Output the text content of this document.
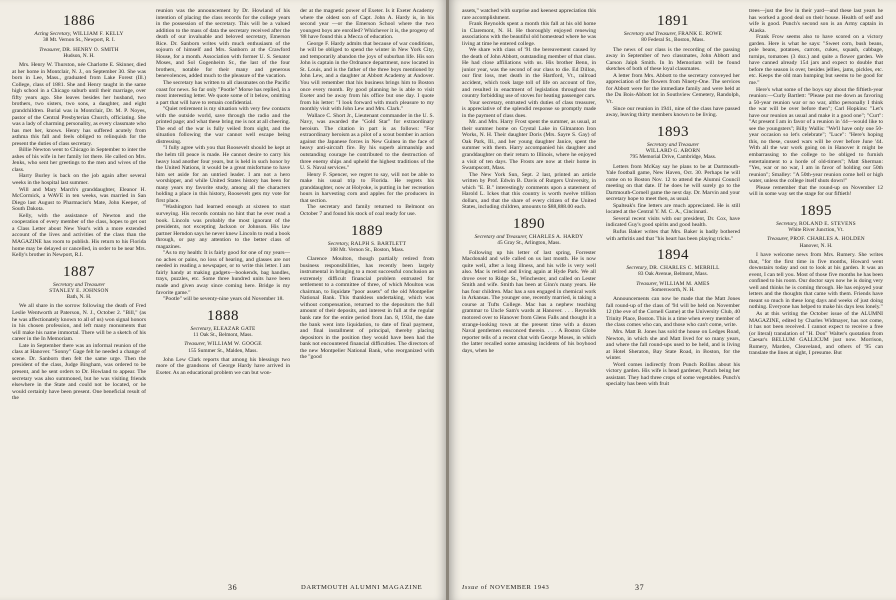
1886
Acting Secretary, WILLIAM F. KELLY
38 Mt. Vernon St., Newport, R. I.
Treasurer, DR. HENRY O. SMITH
Hudson, N. H.

Mrs. Henry W. Thurston, née Charlotte E. Skinner, died at her home in Montclair, N. J., on September 30. She was born in Lee, Mass., graduated from Lake Forest (Ill.) College, class of 1881. She and Henry taught in the same high school in a Chicago suburb until their marriage, over fifty years ago. She leaves besides her husband, two brothers, two sisters, two sons, a daughter, and eight grandchildren. Burial was in Montclair, Dr. M. P. Noyes, pastor of the Central Presbyterian Church, officiating. She was a lady of charming personality, as every classmate who has met her, knows. Henry has suffered acutely from asthma this fall and feels obliged to relinquish for the present the duties of class secretary.

Billie Newton went to Chicago in September to inter the ashes of his wife in her family lot there. He called on Mrs. Jenks, who sent her greetings to the men and wives of the class.

Harry Burley is back on the job again after several weeks in the hospital last summer.

Will and Mary March's granddaughter, Eleanor H. McCormick, a WAVE in ten weeks, was married in San Diego last August to Pharmacist's Mate, John Keeper, of South Dakota.

Kelly, with the assistance of Newton and the cooperation of every member of the class, hopes to get out a Class Letter about New Year's with a more extended account of the lives and activities of the class than the MAGAZINE has room to publish. His return to his Florida home may be delayed or cancelled, in order to be near Mrs. Kelly's brother in Newport, R.I.

1887
Secretary and Treasurer
STANLEY E. JOHNSON
Bath, N. H.

We all share in the sorrow following the death of Fred Leslie Wentworth at Paterson, N. J., October 2. "Bill," (as he was affectionately known to all of us) won signal honors in his chosen profession, and left many monuments that will make his name immortal. There will be a sketch of his career in the In Memoriam.

Late in September there was an informal reunion of the class at Hanover. "Sonny" Gage felt he needed a change of scene. Dr. Sanborn then felt the same urge. Then the president of the class, Judge Bingham, was ordered to be present, and he sent orders to Dr. Howland to appear. The secretary was also summoned, but he was visiting friends elsewhere in the State and could not be located, or he would certainly have been present. One beneficial result of the

reunion was the announcement by Dr. Howland of his intention of placing the class records for the college years in the possession of the secretary. This will be a valued addition to the mass of data the secretary received after the death of our invaluable and beloved secretary, Emerson Rice. Dr. Sanborn writes with much enthusiasm of the sojourn of himself and Mrs. Sanborn at the Crawford House, for a month. Association with former U. S. Senator Moses, and Sol Gogenheim Sr., the last of the four brothers, notable for their many and generous benevolences, added much to the pleasure of the vacation.

The secretary has written to all classmates on the Pacific coast for news. So far only "Pootle" Morse has replied, in a most interesting letter. We quote some of it below, omitting a part that will have to remain confidential.

"Quiet retirement is my situation with very few contacts with the outside world, save through the radio and the printed page; and what these bring me is not at all cheering. The end of the war is fully veiled from sight, and the situation following the war cannot well escape being distressing.

"I fully agree with you that Roosevelt should be kept at the helm till peace is made. He cannot desire to carry his heavy load another four years, but is held in such honor by the United Nations, it would be a great misfortune to have him set aside for an untried leader. I am not a hero worshipper, and while United States history has been for many years my favorite study, among all the characters holding a place in this history, Roosevelt gets my vote for first place.

"Washington had learned enough at sixteen to start surveying. His records contain no hint that he ever read a book. Lincoln was probably the most ignorant of the presidents, not excepting Jackson or Johnson. His law partner Herndon says he never knew Lincoln to read a book through, or pay any attention to the better class of magazines.

"As to my health: It is fairly good for one of my years—no aches or pains, no loss of hearing, and glasses are not needed in reading a newspaper, or to write this letter. I am fairly handy at making gadgets—bookends, bag handles, trays, puzzles, etc. Some three hundred units have been made and given away since coming here. Bridge is my favorite game."

"Pootle" will be seventy-nine years old November 18.

1888
Secretary, ELEAZAR GATE
11 Oak St., Belmont, Mass.
Treasurer, WILLIAM W. GOOGE
155 Summer St., Malden, Mass.

John Lew Clark reports that among his blessings two more of the grandsons of George Hardy have arrived in Exeter. As an educational problem we can but won-

der at the magnetic power of Exeter. Is it Exeter Academy where the oldest son of Capt. John A. Hardy is, in his second year —or the Emerson School where the two youngest boys are enrolled? Whichever it is, the progeny of '88 have found this a Mecca of education.

George F. Hardy admits that because of war conditions, he will be obliged to spend the winter in New York City, and temporarily abandon the joys of suburban life. His son John is captain in the Ordnance department, now located in St. Louis, and is the father of the three boys mentioned by John Lew, and a daughter at Abbott Academy at Andover. You will remember that his business brings him to Boston once every month. By good planning he is able to visit Exeter and be away from his office but one day. I quote from his letter: "I look forward with much pleasure to my monthly visit with John Lew and Mrs. Clark."

Wallace C. Short Jr., Lieutenant commander in the U. S. Navy, was awarded the "Gold Star" for extraordinary heroism. The citation in part is as follows: "For extraordinary heroism as a pilot of a scout bomber in action against the Japanese forces in New Guinea in the face of heavy anti-aircraft fire. By his superb airmanship and outstanding courage he contributed to the destruction of three enemy ships and upheld the highest traditions of the U. S. Naval services."

Henry F. Spencer, we regret to say, will not be able to make his usual trip to Florida. He regrets his granddaughter, now at Holyoke, is putting in her recreation hours in harvesting corn and apples for the producers in that section.

The secretary and family returned to Belmont on October 7 and found his stock of coal ready for use.

1889
Secretary, RALPH S. BARTLETT
108 Mt. Vernon St., Boston, Mass.

Clarence Moulton, though partially retired from business responsibilities, has recently been largely instrumental in bringing to a most successful conclusion an extremely difficult financial problem entrusted for settlement to a committee of three, of which Moulton was chairman, to liquidate "poor assets" of the old Montpelier National Bank. This thankless undertaking, which was without compensation, returned to the depositors the full amount of their deposits, and interest in full at the regular bank rate for the entire period from Jan. 8, 1934, the date the bank went into liquidation, to date of final payment, and final installment of principal, thereby placing depositors in the position they would have been had the bank not encountered financial difficulties. The directors of the new Montpelier National Bank, who reorganized with the "good

36	DARTMOUTH ALUMNI MAGAZINE

assets," watched with surprise and keenest appreciation this rare accomplishment.

Frank Reynolds spent a month this fall at his old home in Claremont, N. H. He thoroughly enjoyed renewing associations with the beautiful old homestead where he was living at time he entered college.

We share with class of '91 the bereavement caused by the death of John Abbott, outstanding member of that class. He had close affiliations with us. His brother Benn, in junior year, was the second of our class to die. Ed Dillon, our first loss, met death in the Hartford, Vt., railroad accident, which took large toll of life on account of fire, and resulted in enactment of legislation throughout the country forbidding use of stoves for heating passenger cars.

Your secretary, entrusted with duties of class treasurer, is appreciative of the splendid response so promptly made in the payment of class dues.

Mr. and Mrs. Harry Frost spent the summer, as usual, at their summer home on Crystal Lake in Gilmanton Iron Works, N. H. Their daughter Doris (Mrs. Sayre S. Gay) of Oak Park, Ill., and her young daughter Janice, spent the summer with them. Harry accompanied his daughter and granddaughter on their return to Illinois, where he enjoyed a visit of ten days. The Frosts are now at their home in Swampscott, Mass.

The New York Sun, Sept. 2 last, printed an article written by Prof. Edwin B. Davis of Rutgers University, in which "E. B." interestingly comments upon a statement of Harold L. Ickes that this country is worth twelve trillion dollars, and that the share of every citizen of the United States, including children, amounts to $88,888.00 each.

1890
Secretary and Treasurer, CHARLES A. HARDY
45 Gray St., Arlington, Mass.

Following up his letter of last spring, Forrester Macdonald and wife called on us last month. He is now quite well, after a long illness, and his wife is very well also. Mac is retired and living again at Hyde Park. We all drove over to Ridge St., Winchester, and called on Lester Smith and wife. Smith has been at Ginn's many years. He has four children. Mac has a son engaged in chemical work in Arkansas. The younger one, recently married, is taking a course at Tufts College. Mac has a nephew teaching grammar to Uncle Sam's wards at Hanover. . . . Reynolds motored over to Hanover from Glens Falls and thought it a strange-looking town at the present time with a dozen Naval gentlemen ensconced therein. . . . A Boston Globe reporter tells of a recent chat with George Moses, in which the latter recalled some amusing incidents of his boyhood days, when he

1891
Secretary and Treasurer, FRANK E. ROWE
80 Federal St., Boston, Mass.

The news of our class is the recording of the passing away in September of two classmates, John Abbott and Carson Jaiph Smith. In In Memoriam will be found sketches of both of these loyal classmates.

A letter from Mrs. Abbott to the secretary conveyed her appreciation of the flowers from Ninety-One. The services for Abbott were for the immediate family and were held at the Du Bois-Abbott lot in Southview Cemetery, Randolph, Vt.

Since our reunion in 1941, nine of the class have passed away, leaving thirty members known to be living.

1893
Secretary and Treasurer
WILLARD G. ABORN
795 Memorial Drive, Cambridge, Mass.

Letters from McKay say he plans to be at Dartmouth-Yale football game, New Haven, Oct. 30. Perhaps he will come on to Boston Nov. 12 to attend the Alumni Council meeting on that date. If he does he will surely go to the Dartmouth-Cornell game the next day. Dr. Marvin and your secretary hope to meet then, as usual.

Spalteak's fine letters are much appreciated. He is still located at the Central Y. M. C. A., Cincinnati.

Several recent visits with our president, Dr. Cox, have indicated Guy's good spirits and good health.

Rufus Baker writes that Mrs. Baker is badly bothered with arthritis and that "his heart has been playing tricks."

1894
Secretary, DR. CHARLES C. MERRILL
83 Oak Avenue, Belmont, Mass.
Treasurer, WILLIAM M. AMES
Somersworth, N. H.

Announcements can now be made that the Matt Jones fall round-up of the class of '94 will be held on November 12 (the eve of the Cornell Game) at the University Club, 40 Trinity Place, Boston. This is a time when every member of the class comes who can, and those who can't come, write.

Mrs. Matt B. Jones has sold the house on Ledges Road, Newton, in which she and Matt lived for so many years, and where the fall round-ups used to be held, and is living at Hotel Sheraton, Bay State Road, in Boston, for the winter.

Word comes indirectly from Punch Rollins about his victory garden. His wife is head gardener, Punch being her assistant. They had three crops of some vegetables. Punch's specialty has been with fruit

trees—just the few in their yard—and these last years he has worked a good deal on their house. Health of self and wife is good. Punch's second son is an Army captain in Alaska.

Frank Frow seems also to have scored on a victory garden. Here is what he says: "Sweet corn, bush beans, pole beans, potatoes, carrots, cukes, squash, cabbage, turnips, tomatoes (3 doz.) and quite a flower garden. We have canned already 154 jars and expect to double that before the season is over, besides jellies, jams, pickles, etc. etc. Keeps the old man humping but seems to be good for me."

Here's what some of the boys say about the fiftieth-year reunion:—Curly Bartlett: "Please put me down as favoring a 50-year reunion war or no war, altho personally I think the war will be over before then"; Carl Hopkins: "Let's have our reunion as usual and make it a good one"; "Curt": "At present I am in favor of a reunion in '44—would like to see the youngsters"; Billy Wallis: "We'll have only one 50-year occasion so let's celebrate"; "Luce": "Here's hoping this, no these, cussed wars will be over before June '44. With all the war work going on in Hanover it might be embarrassing to the college to be obliged to furnish entertainment to a horde of old-timers"; Matt Sherman: "Yes, war or no war, I am in favor of holding our 50th reunion"; Smalley: "A 50th-year reunion come hell or high water, unless the college itself shuts down!"

Please remember that the round-up on November 12 will in some way set the stage for our fiftieth!

1895
Secretary, ROLAND E. STEVENS
White River Junction, Vt.
Treasurer, PROF. CHARLES A. HOLDEN
Hanover, N. H.

I have welcome news from Mrs. Rumery. She writes that, "for the first time in five months, Howard went downstairs today and out to look at his garden. It was an event, I can tell you. Most of those five months he has been confined to his room. Our doctor says now he is doing very well and thinks he is coming through. He has enjoyed your letters and the thoughts that came with them. Friends have meant so much in these long days and weeks of just doing nothing. Everyone has helped to make his days less lonely."

As at this writing the October issue of the ALUMNI MAGAZINE, edited by Charles Widmayer, has not come, it has not been received. I cannot expect to receive a free (or literal) translation of "H. Don" Walter's quotation from Caesar's BELLUM GALLICUM just now. Morrison, Rumery, Marden, Cleaveland, and others of '95 can translate the lines at sight, I presume. But

Issue of NOVEMBER 1943	37
